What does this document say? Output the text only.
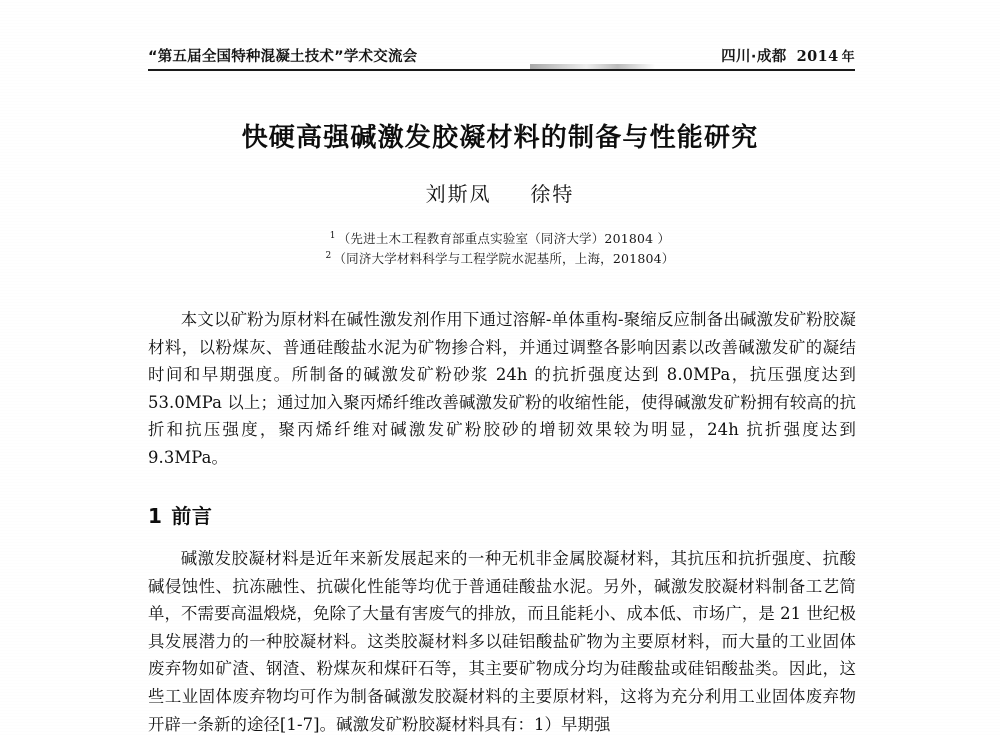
“第五届全国特种混凝土技术”学术交流会	四川·成都 2014 年
快硬高强碱激发胶凝材料的制备与性能研究
刘斯凤 徐特
$^1$ （先进土木工程教育部重点实验室（同济大学）201804 ）
$^2$ （同济大学材料科学与工程学院水泥基所，上海，201804）

本文以矿粉为原材料在碱性激发剂作用下通过溶解-单体重构-聚缩反应制备出碱激发矿粉胶凝材料，以粉煤灰、普通硅酸盐水泥为矿物掺合料，并通过调整各影响因素以改善碱激发矿的凝结时间和早期强度。所制备的碱激发矿粉砂浆 24h 的抗折强度达到 8.0MPa，抗压强度达到 53.0MPa 以上；通过加入聚丙烯纤维改善碱激发矿粉的收缩性能，使得碱激发矿粉拥有较高的抗折和抗压强度，聚丙烯纤维对碱激发矿粉胶砂的增韧效果较为明显，24h 抗折强度达到 9.3MPa。

1 前言

碱激发胶凝材料是近年来新发展起来的一种无机非金属胶凝材料，其抗压和抗折强度、抗酸碱侵蚀性、抗冻融性、抗碳化性能等均优于普通硅酸盐水泥。另外，碱激发胶凝材料制备工艺简单，不需要高温煅烧，免除了大量有害废气的排放，而且能耗小、成本低、市场广，是 21 世纪极具发展潜力的一种胶凝材料。这类胶凝材料多以硅铝酸盐矿物为主要原材料，而大量的工业固体废弃物如矿渣、钢渣、粉煤灰和煤矸石等，其主要矿物成分均为硅酸盐或硅铝酸盐类。因此，这些工业固体废弃物均可作为制备碱激发胶凝材料的主要原材料，这将为充分利用工业固体废弃物开辟一条新的途径[1-7]。碱激发矿粉胶凝材料具有：1）早期强
